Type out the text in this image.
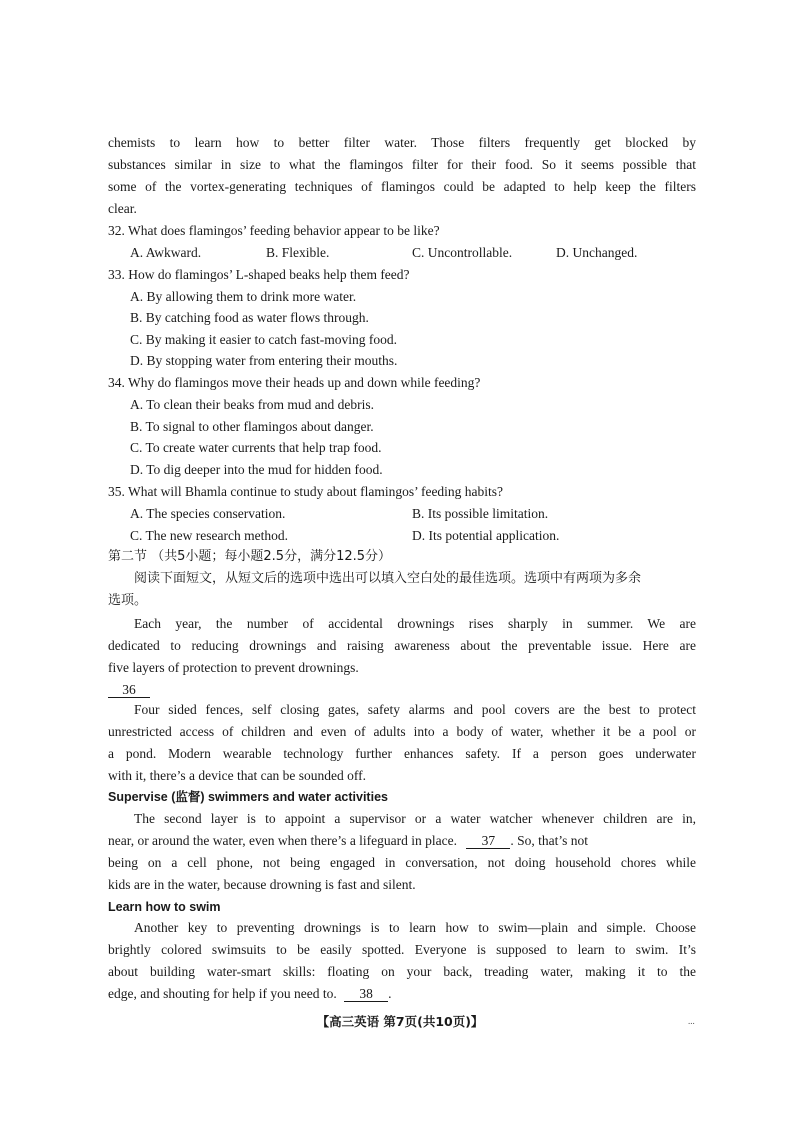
chemists to learn how to better filter water. Those filters frequently get blocked by
substances similar in size to what the flamingos filter for their food. So it seems possible that
some of the vortex-generating techniques of flamingos could be adapted to help keep the filters
clear.
32. What does flamingos’ feeding behavior appear to be like?
A. Awkward.	B. Flexible.	C. Uncontrollable.	D. Unchanged.
33. How do flamingos’ L-shaped beaks help them feed?
A. By allowing them to drink more water.
B. By catching food as water flows through.
C. By making it easier to catch fast-moving food.
D. By stopping water from entering their mouths.
34. Why do flamingos move their heads up and down while feeding?
A. To clean their beaks from mud and debris.
B. To signal to other flamingos about danger.
C. To create water currents that help trap food.
D. To dig deeper into the mud for hidden food.
35. What will Bhamla continue to study about flamingos’ feeding habits?
A. The species conservation.	B. Its possible limitation.
C. The new research method.	D. Its potential application.
第二节 （共5小题；每小题2.5分，满分12.5分）
阅读下面短文，从短文后的选项中选出可以填入空白处的最佳选项。选项中有两项为多余
选项。
Each year, the number of accidental drownings rises sharply in summer. We are
dedicated to reducing drownings and raising awareness about the preventable issue. Here are
five layers of protection to prevent drownings.
36
Four sided fences, self closing gates, safety alarms and pool covers are the best to protect
unrestricted access of children and even of adults into a body of water, whether it be a pool or
a pond. Modern wearable technology further enhances safety. If a person goes underwater
with it, there’s a device that can be sounded off.
Supervise (监督) swimmers and water activities
The second layer is to appoint a supervisor or a water watcher whenever children are in,
near, or around the water, even when there’s a lifeguard in place. 37 . So, that’s not
being on a cell phone, not being engaged in conversation, not doing household chores while
kids are in the water, because drowning is fast and silent.
Learn how to swim
Another key to preventing drownings is to learn how to swim—plain and simple. Choose
brightly colored swimsuits to be easily spotted. Everyone is supposed to learn to swim. It’s
about building water-smart skills: floating on your back, treading water, making it to the
edge, and shouting for help if you need to. 38 .
【高三英语 第7页(共10页)】	...
